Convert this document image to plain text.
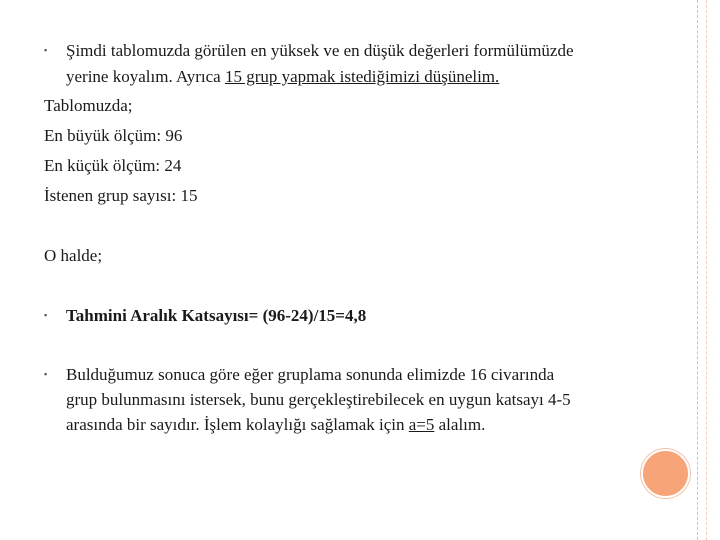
▪ Şimdi tablomuzda görülen en yüksek ve en düşük değerleri formülümüzde
yerine koyalım. Ayrıca 15 grup yapmak istediğimizi düşünelim.
Tablomuzda;
En büyük ölçüm: 96
En küçük ölçüm: 24
İstenen grup sayısı: 15
O halde;
▪ Tahmini Aralık Katsayısı= (96-24)/15=4,8
▪ Bulduğumuz sonuca göre eğer gruplama sonunda elimizde 16 civarında
grup bulunmasını istersek, bunu gerçekleştirebilecek en uygun katsayı 4-5
arasında bir sayıdır. İşlem kolaylığı sağlamak için a=5 alalım.
